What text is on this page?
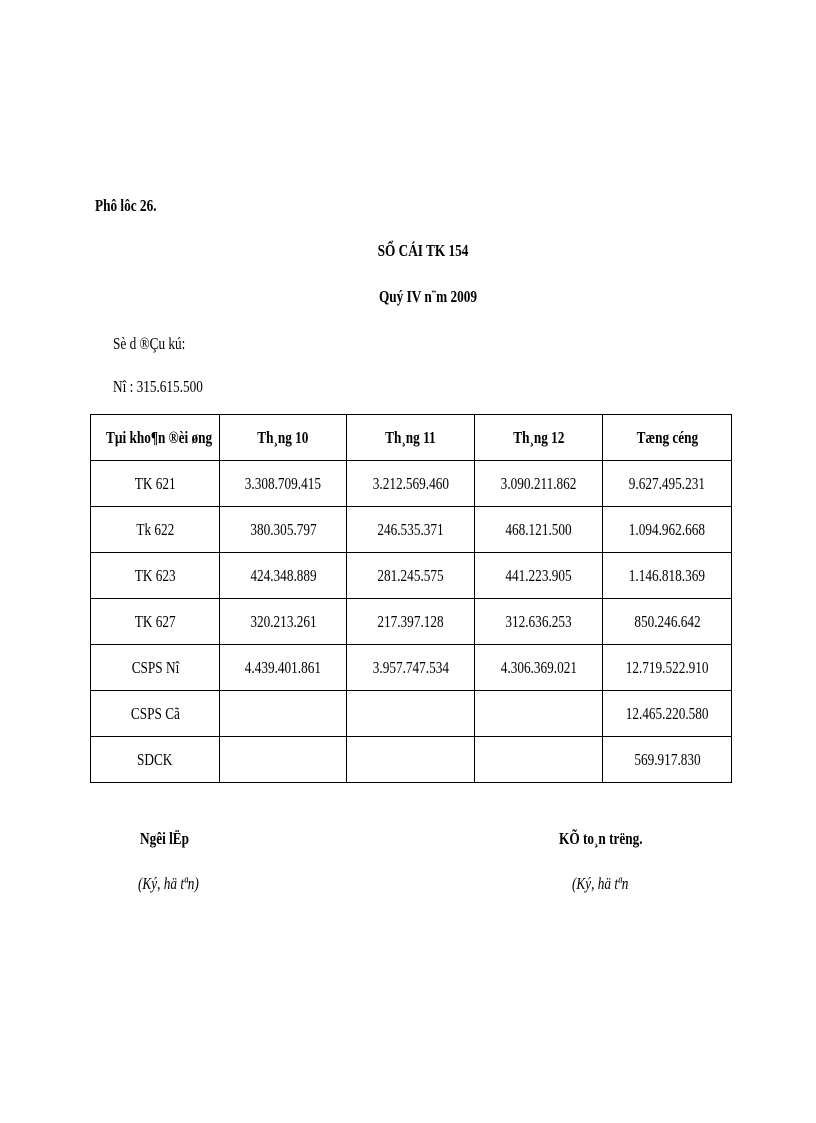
Phô lôc 26.
SỔ CÁI TK 154
Quý IV n¨m 2009
Sè d ®Çu kú:
Nî : 315.615.500
Tµi kho¶n ®èi øng	Th¸ng 10	Th¸ng 11	Th¸ng 12	Tæng céng
TK 621	3.308.709.415	3.212.569.460	3.090.211.862	9.627.495.231
Tk 622	380.305.797	246.535.371	468.121.500	1.094.962.668
TK 623	424.348.889	281.245.575	441.223.905	1.146.818.369
TK 627	320.213.261	217.397.128	312.636.253	850.246.642
CSPS Nî	4.439.401.861	3.957.747.534	4.306.369.021	12.719.522.910
CSPS Cã				12.465.220.580
SDCK				569.917.830
Ngêi lËp
(Ký, hä tªn)
KÕ to¸n trëng.
(Ký, hä tªn
